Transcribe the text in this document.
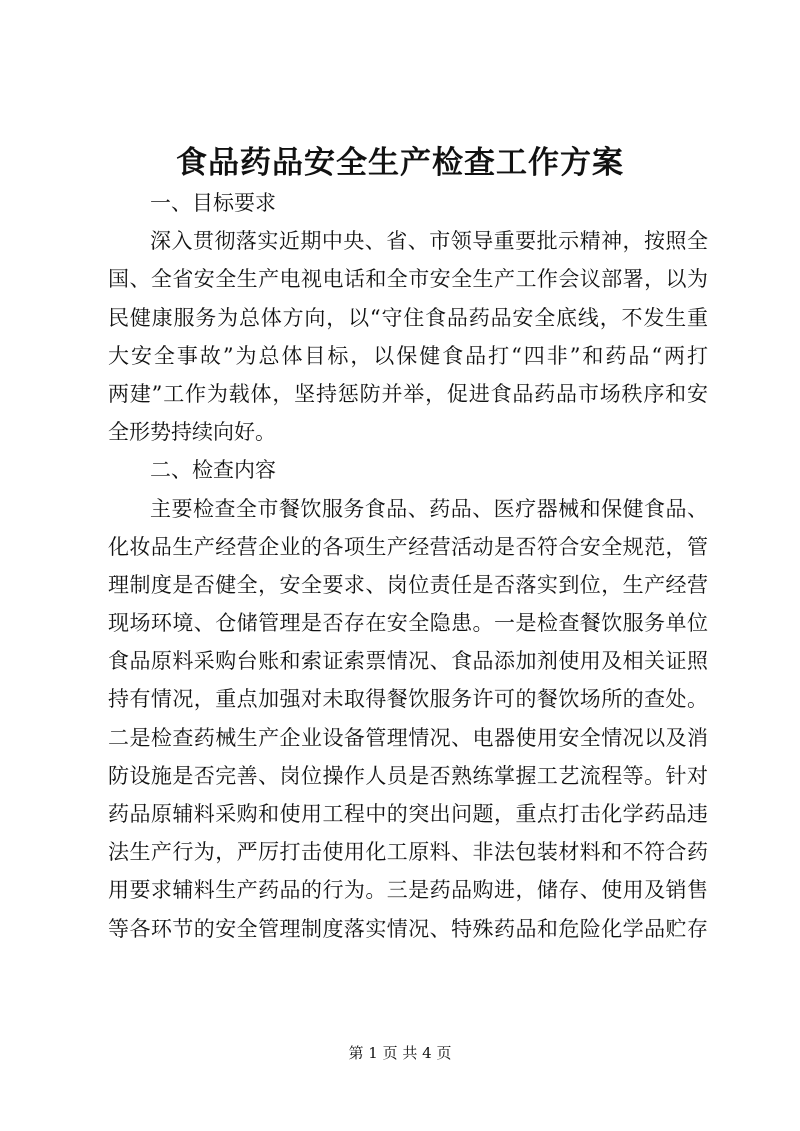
食品药品安全生产检查工作方案
一、目标要求
深入贯彻落实近期中央、省、市领导重要批示精神，按照全
国、全省安全生产电视电话和全市安全生产工作会议部署，以为
民健康服务为总体方向，以“守住食品药品安全底线，不发生重
大安全事故”为总体目标，以保健食品打“四非”和药品“两打
两建”工作为载体，坚持惩防并举，促进食品药品市场秩序和安
全形势持续向好。
二、检查内容
主要检查全市餐饮服务食品、药品、医疗器械和保健食品、
化妆品生产经营企业的各项生产经营活动是否符合安全规范，管
理制度是否健全，安全要求、岗位责任是否落实到位，生产经营
现场环境、仓储管理是否存在安全隐患。一是检查餐饮服务单位
食品原料采购台账和索证索票情况、食品添加剂使用及相关证照
持有情况，重点加强对未取得餐饮服务许可的餐饮场所的查处。
二是检查药械生产企业设备管理情况、电器使用安全情况以及消
防设施是否完善、岗位操作人员是否熟练掌握工艺流程等。针对
药品原辅料采购和使用工程中的突出问题，重点打击化学药品违
法生产行为，严厉打击使用化工原料、非法包装材料和不符合药
用要求辅料生产药品的行为。三是药品购进，储存、使用及销售
等各环节的安全管理制度落实情况、特殊药品和危险化学品贮存
第 1 页 共 4 页
